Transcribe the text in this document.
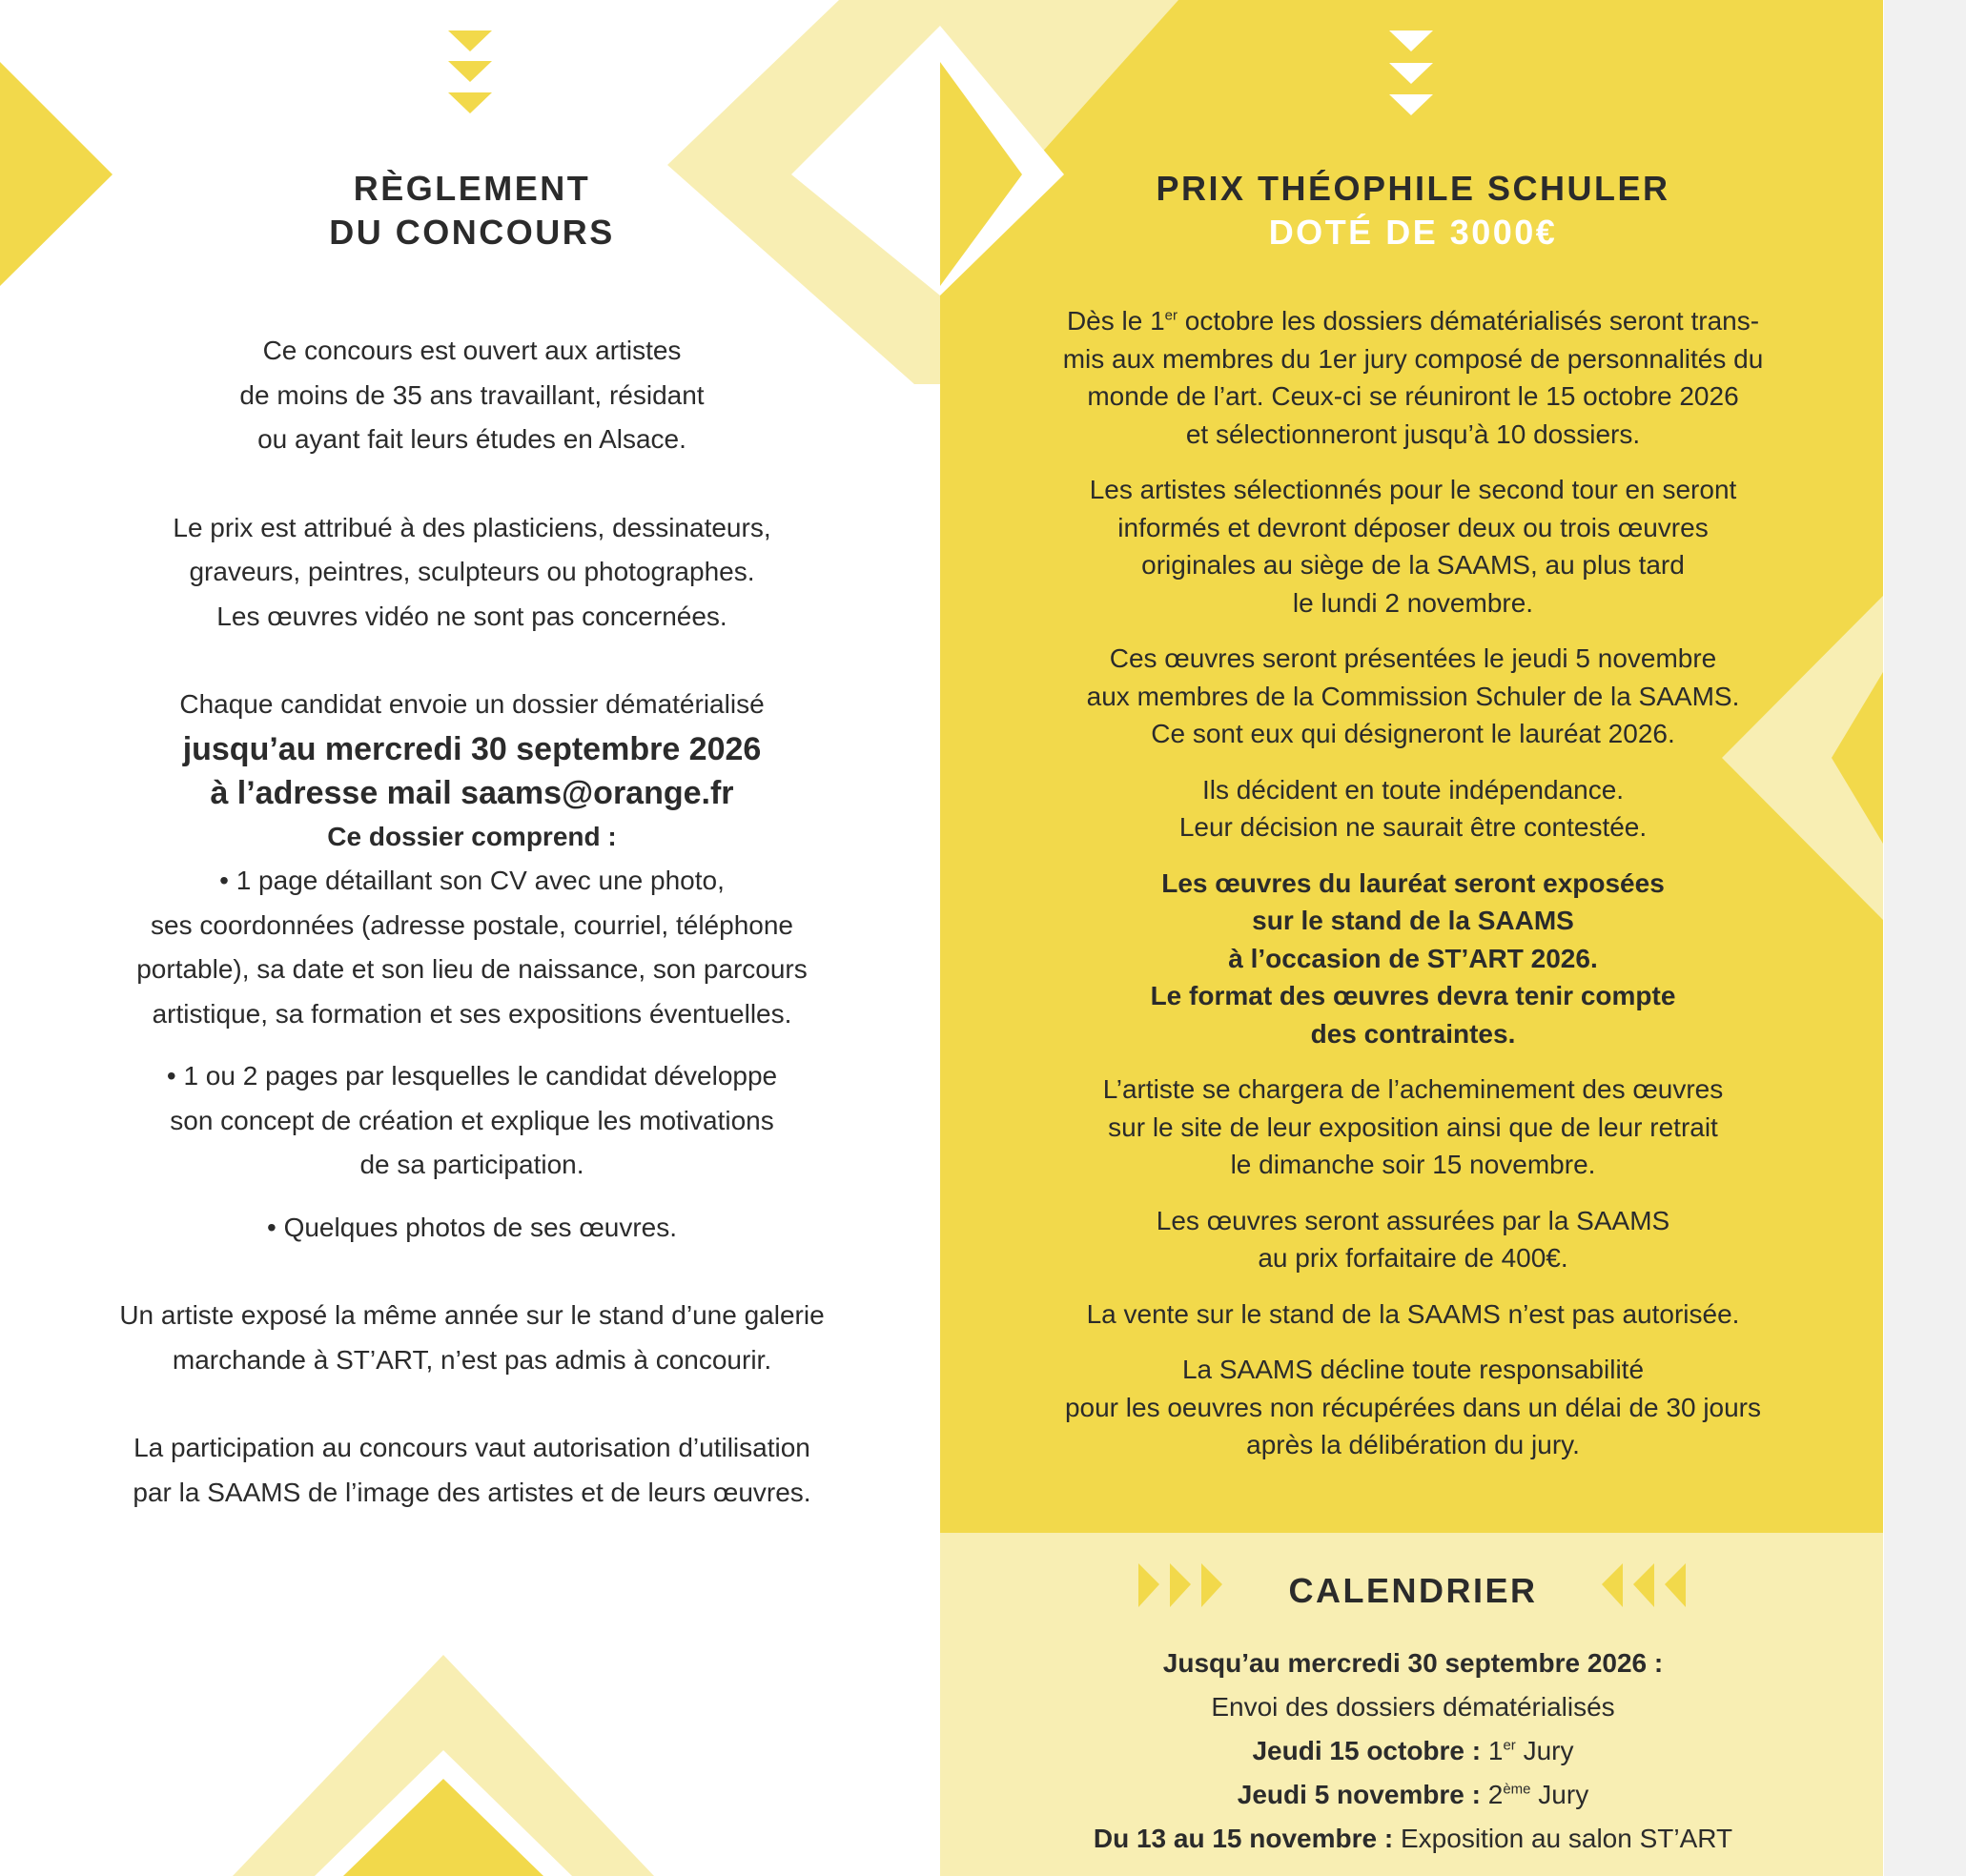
RÈGLEMENT

DU CONCOURS

Ce concours est ouvert aux artistes
de moins de 35 ans travaillant, résidant
ou ayant fait leurs études en Alsace.

Le prix est attribué à des plasticiens, dessinateurs,
graveurs, peintres, sculpteurs ou photographes.
Les œuvres vidéo ne sont pas concernées.

Chaque candidat envoie un dossier dématérialisé

jusqu’au mercredi 30 septembre 2026

à l’adresse mail saams@orange.fr

Ce dossier comprend :

• 1 page détaillant son CV avec une photo,
ses coordonnées (adresse postale, courriel, téléphone
portable), sa date et son lieu de naissance, son parcours
artistique, sa formation et ses expositions éventuelles.

• 1 ou 2 pages par lesquelles le candidat développe
son concept de création et explique les motivations
de sa participation.

• Quelques photos de ses œuvres.

Un artiste exposé la même année sur le stand d’une galerie
marchande à ST’ART, n’est pas admis à concourir.

La participation au concours vaut autorisation d’utilisation
par la SAAMS de l’image des artistes et de leurs œuvres.

PRIX THÉOPHILE SCHULER

DOTÉ DE 3000€

Dès le 1er octobre les dossiers dématérialisés seront trans-
mis aux membres du 1er jury composé de personnalités du
monde de l’art. Ceux-ci se réuniront le 15 octobre 2026
et sélectionneront jusqu’à 10 dossiers.

Les artistes sélectionnés pour le second tour en seront
informés et devront déposer deux ou trois œuvres
originales au siège de la SAAMS, au plus tard
le lundi 2 novembre.

Ces œuvres seront présentées le jeudi 5 novembre
aux membres de la Commission Schuler de la SAAMS.
Ce sont eux qui désigneront le lauréat 2026.

Ils décident en toute indépendance.
Leur décision ne saurait être contestée.

Les œuvres du lauréat seront exposées
sur le stand de la SAAMS
à l’occasion de ST’ART 2026.
Le format des œuvres devra tenir compte
des contraintes.

L’artiste se chargera de l’acheminement des œuvres
sur le site de leur exposition ainsi que de leur retrait
le dimanche soir 15 novembre.

Les œuvres seront assurées par la SAAMS
au prix forfaitaire de 400€.

La vente sur le stand de la SAAMS n’est pas autorisée.

La SAAMS décline toute responsabilité
pour les oeuvres non récupérées dans un délai de 30 jours
après la délibération du jury.

CALENDRIER

Jusqu’au mercredi 30 septembre 2026 :

Envoi des dossiers dématérialisés

Jeudi 15 octobre : 1er Jury

Jeudi 5 novembre : 2ème Jury

Du 13 au 15 novembre : Exposition au salon ST’ART
